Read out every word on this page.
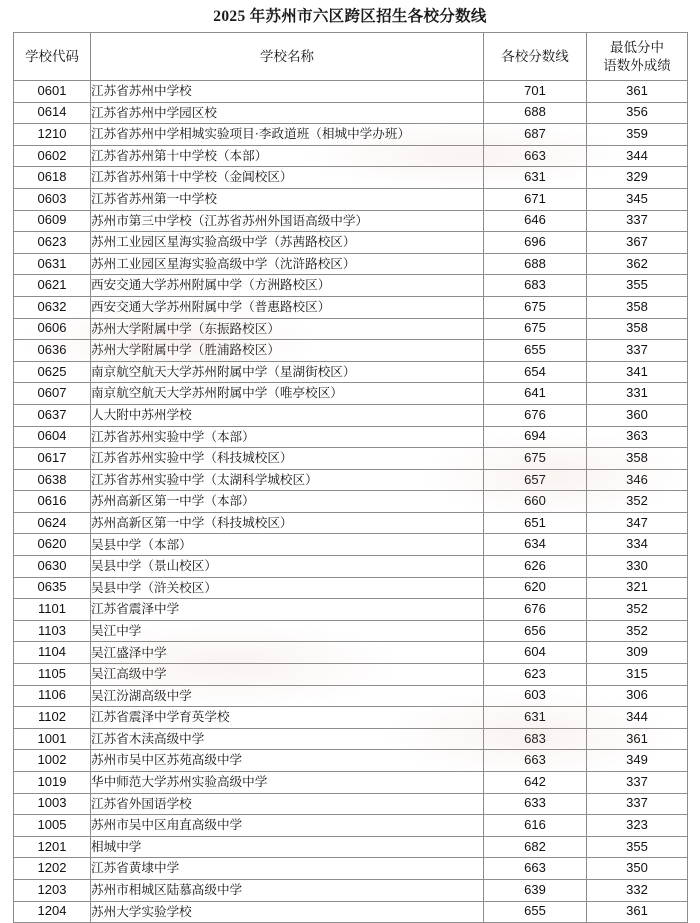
2025 年苏州市六区跨区招生各校分数线
学校代码	学校名称	各校分数线	最低分中
语数外成绩

0601	江苏省苏州中学校	701	361
0614	江苏省苏州中学园区校	688	356
1210	江苏省苏州中学相城实验项目·李政道班（相城中学办班）	687	359
0602	江苏省苏州第十中学校（本部）	663	344
0618	江苏省苏州第十中学校（金阊校区）	631	329
0603	江苏省苏州第一中学校	671	345
0609	苏州市第三中学校（江苏省苏州外国语高级中学）	646	337
0623	苏州工业园区星海实验高级中学（苏茜路校区）	696	367
0631	苏州工业园区星海实验高级中学（沈浒路校区）	688	362
0621	西安交通大学苏州附属中学（方洲路校区）	683	355
0632	西安交通大学苏州附属中学（普惠路校区）	675	358
0606	苏州大学附属中学（东振路校区）	675	358
0636	苏州大学附属中学（胜浦路校区）	655	337
0625	南京航空航天大学苏州附属中学（星湖街校区）	654	341
0607	南京航空航天大学苏州附属中学（唯亭校区）	641	331
0637	人大附中苏州学校	676	360
0604	江苏省苏州实验中学（本部）	694	363
0617	江苏省苏州实验中学（科技城校区）	675	358
0638	江苏省苏州实验中学（太湖科学城校区）	657	346
0616	苏州高新区第一中学（本部）	660	352
0624	苏州高新区第一中学（科技城校区）	651	347
0620	吴县中学（本部）	634	334
0630	吴县中学（景山校区）	626	330
0635	吴县中学（浒关校区）	620	321
1101	江苏省震泽中学	676	352
1103	吴江中学	656	352
1104	吴江盛泽中学	604	309
1105	吴江高级中学	623	315
1106	吴江汾湖高级中学	603	306
1102	江苏省震泽中学育英学校	631	344
1001	江苏省木渎高级中学	683	361
1002	苏州市吴中区苏苑高级中学	663	349
1019	华中师范大学苏州实验高级中学	642	337
1003	江苏省外国语学校	633	337
1005	苏州市吴中区甪直高级中学	616	323
1201	相城中学	682	355
1202	江苏省黄埭中学	663	350
1203	苏州市相城区陆慕高级中学	639	332
1204	苏州大学实验学校	655	361
